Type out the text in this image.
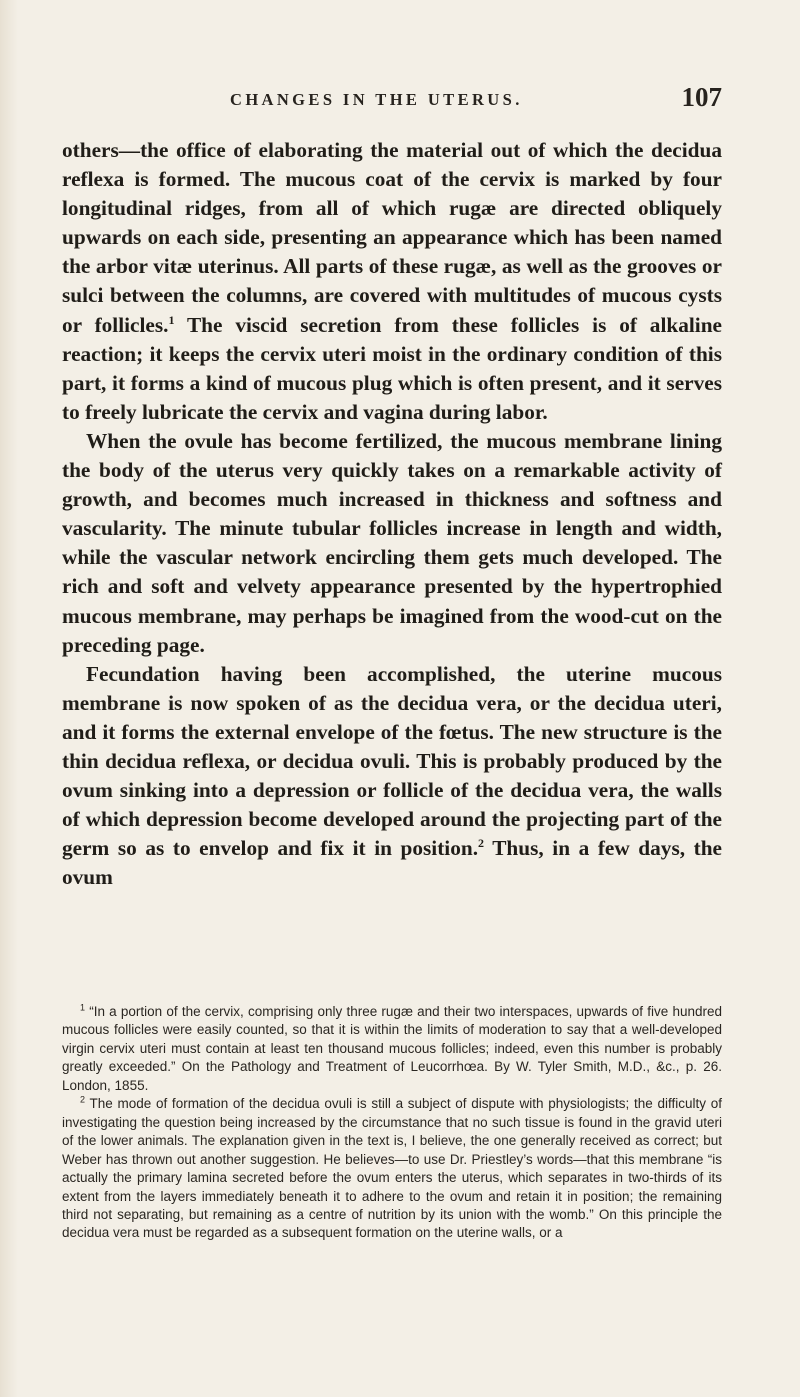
CHANGES IN THE UTERUS.	107

others—the office of elaborating the material out of which the decidua reflexa is formed. The mucous coat of the cervix is marked by four longitudinal ridges, from all of which rugæ are directed obliquely upwards on each side, presenting an appearance which has been named the arbor vitæ uterinus. All parts of these rugæ, as well as the grooves or sulci between the columns, are covered with multitudes of mucous cysts or follicles.$^1$ The viscid secretion from these follicles is of alkaline reaction; it keeps the cervix uteri moist in the ordinary condition of this part, it forms a kind of mucous plug which is often present, and it serves to freely lubricate the cervix and vagina during labor.

When the ovule has become fertilized, the mucous membrane lining the body of the uterus very quickly takes on a remarkable activity of growth, and becomes much increased in thickness and softness and vascularity. The minute tubular follicles increase in length and width, while the vascular network encircling them gets much developed. The rich and soft and velvety appearance presented by the hypertrophied mucous membrane, may perhaps be imagined from the wood-cut on the preceding page.

Fecundation having been accomplished, the uterine mucous membrane is now spoken of as the decidua vera, or the decidua uteri, and it forms the external envelope of the fœtus. The new structure is the thin decidua reflexa, or decidua ovuli. This is probably produced by the ovum sinking into a depression or follicle of the decidua vera, the walls of which depression become developed around the projecting part of the germ so as to envelop and fix it in position.$^2$ Thus, in a few days, the ovum

$^1$ “In a portion of the cervix, comprising only three rugæ and their two interspaces, upwards of five hundred mucous follicles were easily counted, so that it is within the limits of moderation to say that a well-developed virgin cervix uteri must contain at least ten thousand mucous follicles; indeed, even this number is probably greatly exceeded.” On the Pathology and Treatment of Leucorrhœa. By W. Tyler Smith, M.D., &c., p. 26. London, 1855.

$^2$ The mode of formation of the decidua ovuli is still a subject of dispute with physiologists; the difficulty of investigating the question being increased by the circumstance that no such tissue is found in the gravid uteri of the lower animals. The explanation given in the text is, I believe, the one generally received as correct; but Weber has thrown out another suggestion. He believes—to use Dr. Priestley’s words—that this membrane “is actually the primary lamina secreted before the ovum enters the uterus, which separates in two-thirds of its extent from the layers immediately beneath it to adhere to the ovum and retain it in position; the remaining third not separating, but remaining as a centre of nutrition by its union with the womb.” On this principle the decidua vera must be regarded as a subsequent formation on the uterine walls, or a
